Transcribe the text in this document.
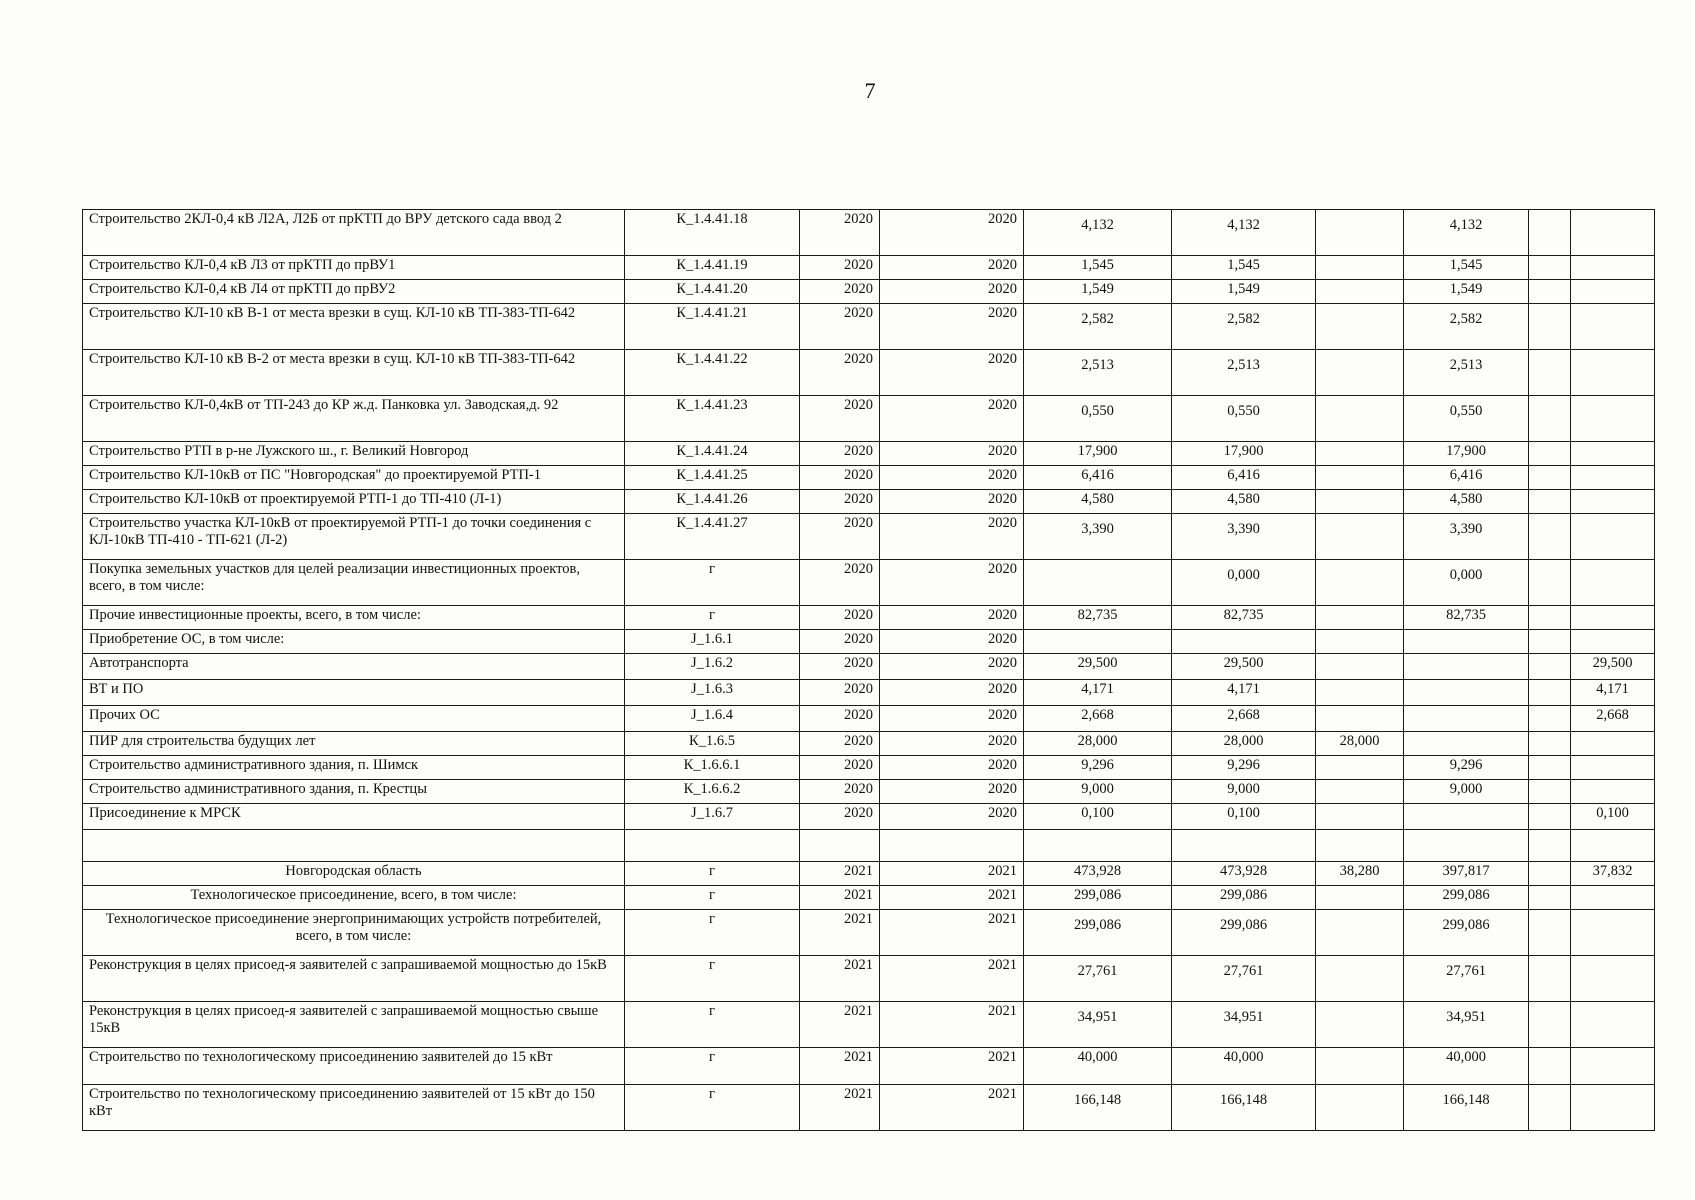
7
Строительство 2КЛ-0,4 кВ Л2А, Л2Б от прКТП до ВРУ детского сада ввод 2	К_1.4.41.18	2020	2020	4,132	4,132		4,132		
Строительство КЛ-0,4 кВ Л3 от прКТП до прВУ1	К_1.4.41.19	2020	2020	1,545	1,545		1,545		
Строительство КЛ-0,4 кВ Л4 от прКТП до прВУ2	К_1.4.41.20	2020	2020	1,549	1,549		1,549		
Строительство КЛ-10 кВ В-1 от места врезки в сущ. КЛ-10 кВ ТП-383-ТП-642	К_1.4.41.21	2020	2020	2,582	2,582		2,582		
Строительство КЛ-10 кВ В-2 от места врезки в сущ. КЛ-10 кВ ТП-383-ТП-642	К_1.4.41.22	2020	2020	2,513	2,513		2,513		
Строительство КЛ-0,4кВ от ТП-243 до КР ж.д. Панковка ул. Заводская,д. 92	К_1.4.41.23	2020	2020	0,550	0,550		0,550		
Строительство РТП в р-не Лужского ш., г. Великий Новгород	К_1.4.41.24	2020	2020	17,900	17,900		17,900		
Строительство КЛ-10кВ от ПС "Новгородская" до проектируемой РТП-1	К_1.4.41.25	2020	2020	6,416	6,416		6,416		
Строительство КЛ-10кВ от проектируемой РТП-1 до ТП-410 (Л-1)	К_1.4.41.26	2020	2020	4,580	4,580		4,580		
Строительство участка КЛ-10кВ от проектируемой РТП-1 до точки соединения с КЛ-10кВ ТП-410 - ТП-621 (Л-2)	К_1.4.41.27	2020	2020	3,390	3,390		3,390		
Покупка земельных участков для целей реализации инвестиционных проектов, всего, в том числе:	г	2020	2020		0,000		0,000		
Прочие инвестиционные проекты, всего, в том числе:	г	2020	2020	82,735	82,735		82,735		
Приобретение ОС, в том числе:	J_1.6.1	2020	2020						
Автотранспорта	J_1.6.2	2020	2020	29,500	29,500				29,500
ВТ и ПО	J_1.6.3	2020	2020	4,171	4,171				4,171
Прочих ОС	J_1.6.4	2020	2020	2,668	2,668				2,668
ПИР для строительства будущих лет	К_1.6.5	2020	2020	28,000	28,000	28,000			
Строительство административного здания, п. Шимск	К_1.6.6.1	2020	2020	9,296	9,296		9,296		
Строительство административного здания, п. Крестцы	К_1.6.6.2	2020	2020	9,000	9,000		9,000		
Присоединение к МРСК	J_1.6.7	2020	2020	0,100	0,100				0,100

Новгородская область	г	2021	2021	473,928	473,928	38,280	397,817		37,832
Технологическое присоединение, всего, в том числе:	г	2021	2021	299,086	299,086		299,086		
Технологическое присоединение энергопринимающих устройств потребителей, всего, в том числе:	г	2021	2021	299,086	299,086		299,086		
Реконструкция в целях присоед-я заявителей с запрашиваемой мощностью до 15кВ	г	2021	2021	27,761	27,761		27,761		
Реконструкция в целях присоед-я заявителей с запрашиваемой мощностью свыше 15кВ	г	2021	2021	34,951	34,951		34,951		
Строительство по технологическому присоединению заявителей до 15 кВт	г	2021	2021	40,000	40,000		40,000		
Строительство по технологическому присоединению заявителей от 15 кВт до 150 кВт	г	2021	2021	166,148	166,148		166,148		
